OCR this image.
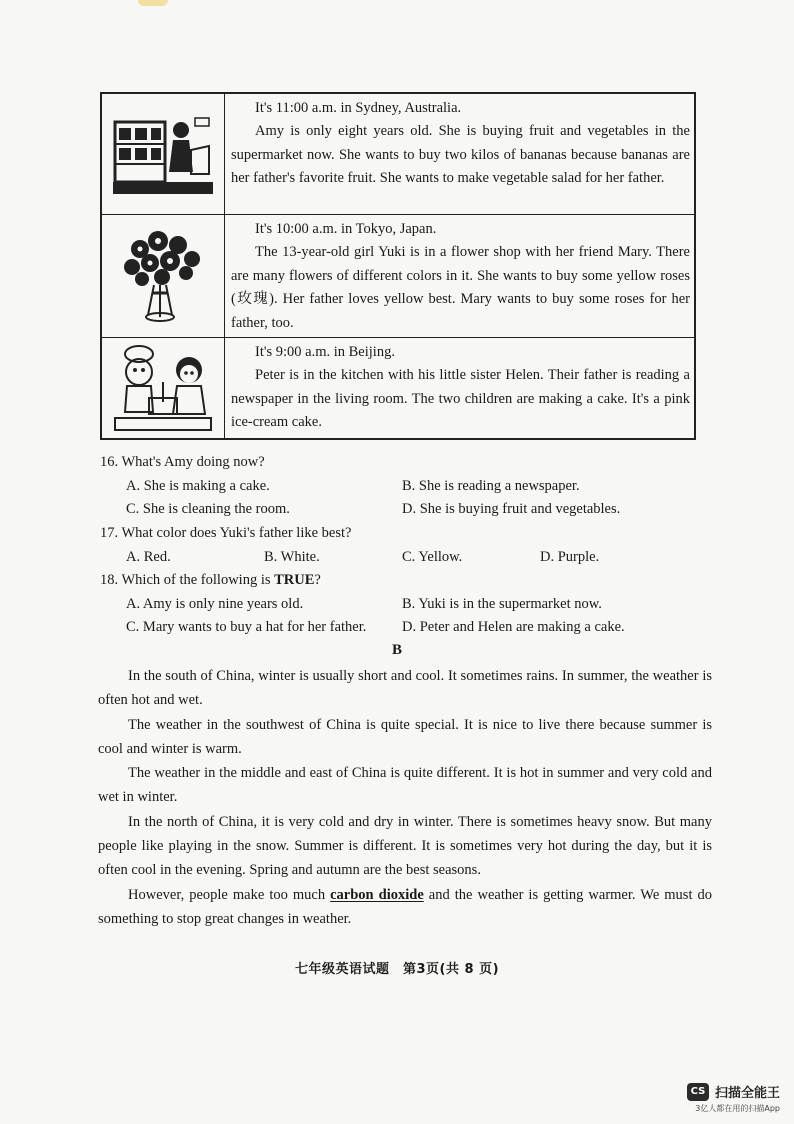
It's 11:00 a.m. in Sydney, Australia.
Amy is only eight years old. She is buying fruit and vegetables in the supermarket now. She wants to buy two kilos of bananas because bananas are her father's favorite fruit. She wants to make vegetable salad for her father.

It's 10:00 a.m. in Tokyo, Japan.
The 13-year-old girl Yuki is in a flower shop with her friend Mary. There are many flowers of different colors in it. She wants to buy some yellow roses (玫瑰). Her father loves yellow best. Mary wants to buy some roses for her father, too.

It's 9:00 a.m. in Beijing.
Peter is in the kitchen with his little sister Helen. Their father is reading a newspaper in the living room. The two children are making a cake. It's a pink ice-cream cake.
16. What's Amy doing now?
A. She is making a cake.	B. She is reading a newspaper.
C. She is cleaning the room.	D. She is buying fruit and vegetables.
17. What color does Yuki's father like best?
A. Red.	B. White.	C. Yellow.	D. Purple.
18. Which of the following is TRUE?
A. Amy is only nine years old.	B. Yuki is in the supermarket now.
C. Mary wants to buy a hat for her father.	D. Peter and Helen are making a cake.
B

In the south of China, winter is usually short and cool. It sometimes rains. In summer, the weather is often hot and wet.

The weather in the southwest of China is quite special. It is nice to live there because summer is cool and winter is warm.

The weather in the middle and east of China is quite different. It is hot in summer and very cold and wet in winter.

In the north of China, it is very cold and dry in winter. There is sometimes heavy snow. But many people like playing in the snow. Summer is different. It is sometimes very hot during the day, but it is often cool in the evening. Spring and autumn are the best seasons.

However, people make too much carbon dioxide and the weather is getting warmer. We must do something to stop great changes in weather.

七年级英语试题　第3页(共 8 页)
CS 扫描全能王
3亿人都在用的扫描App
